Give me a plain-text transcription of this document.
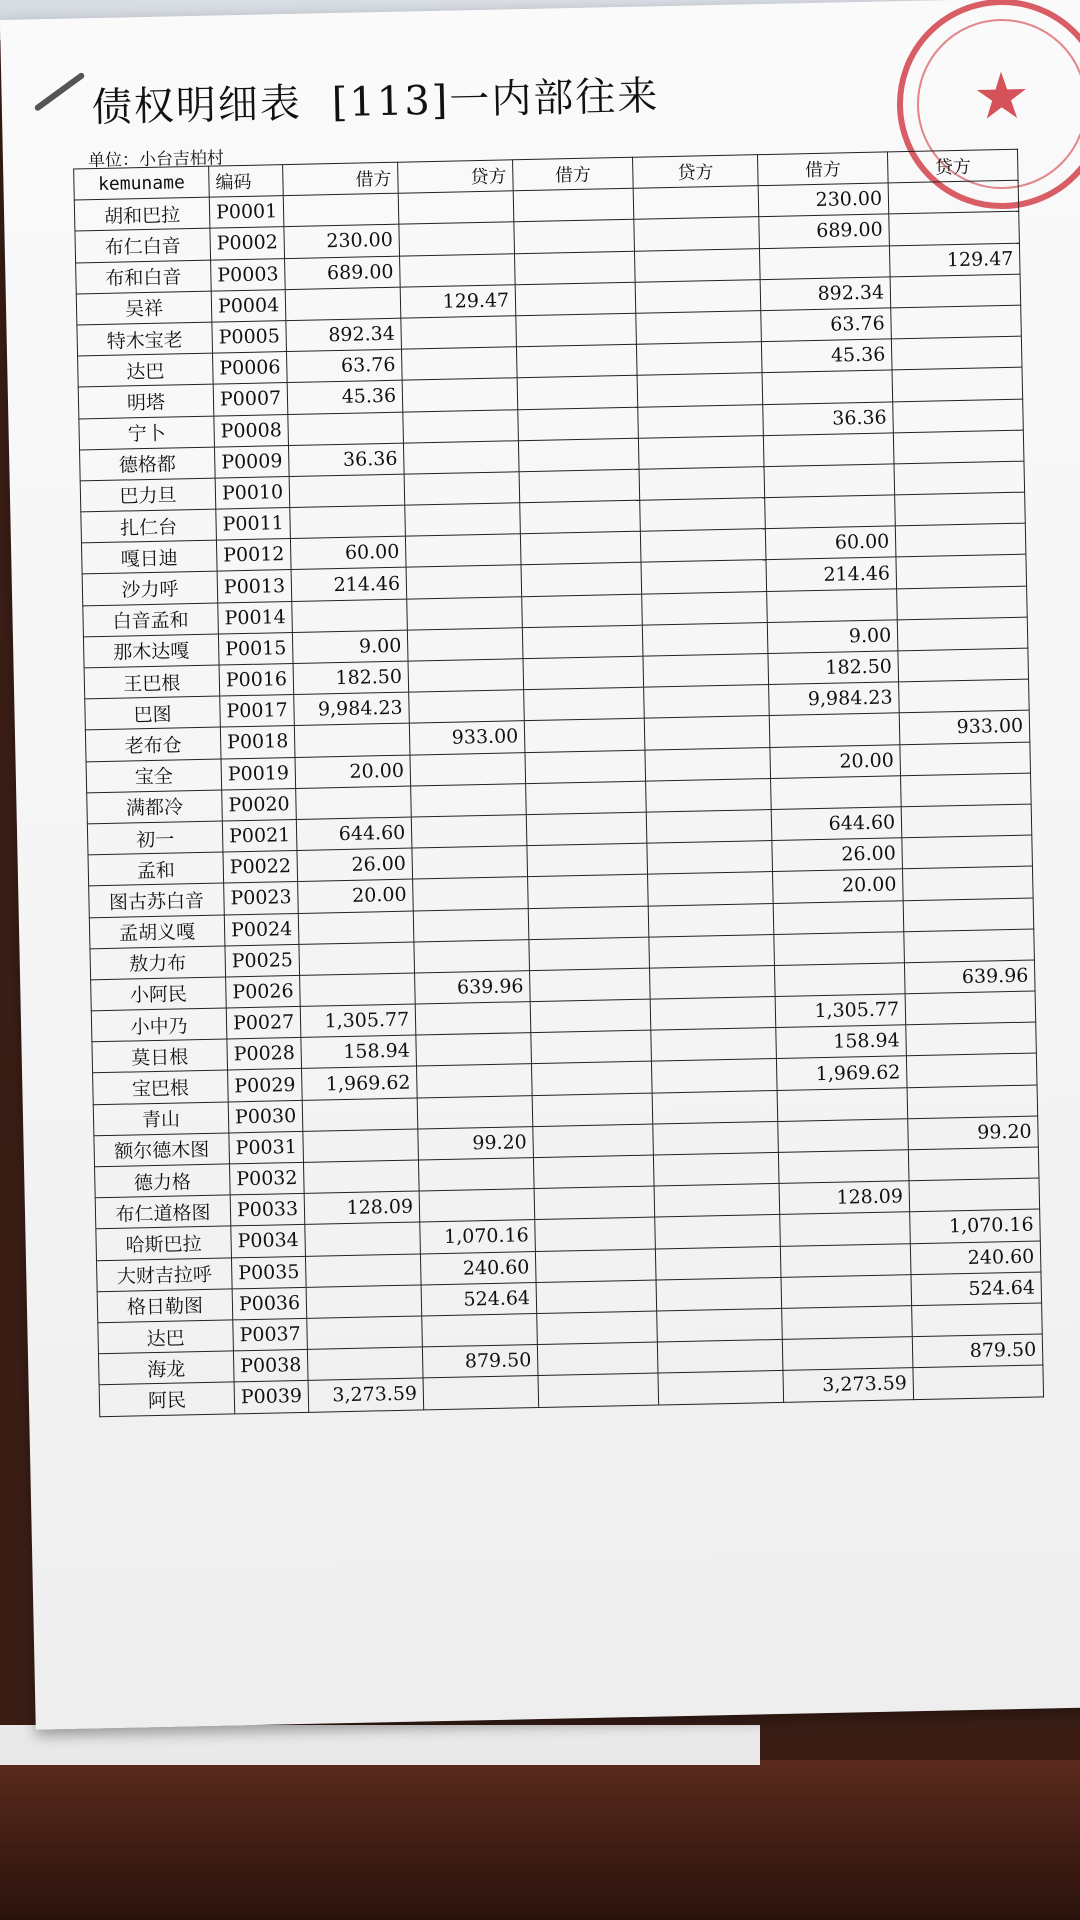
债权明细表 [113]一内部往来
单位：小台吉柏村
★
kemuname	编码	借方	贷方	借方	贷方	借方	贷方
胡和巴拉	P0001					230.00	
布仁白音	P0002	230.00				689.00	
布和白音	P0003	689.00					129.47
吴祥	P0004		129.47			892.34	
特木宝老	P0005	892.34				63.76	
达巴	P0006	63.76				45.36	
明塔	P0007	45.36					
宁卜	P0008					36.36	
德格都	P0009	36.36					
巴力旦	P0010						
扎仁台	P0011						
嘎日迪	P0012	60.00				60.00	
沙力呼	P0013	214.46				214.46	
白音孟和	P0014						
那木达嘎	P0015	9.00				9.00	
王巴根	P0016	182.50				182.50	
巴图	P0017	9,984.23				9,984.23	
老布仓	P0018		933.00				933.00
宝全	P0019	20.00				20.00	
满都冷	P0020						
初一	P0021	644.60				644.60	
孟和	P0022	26.00				26.00	
图古苏白音	P0023	20.00				20.00	
孟胡义嘎	P0024						
敖力布	P0025						
小阿民	P0026		639.96				639.96
小中乃	P0027	1,305.77				1,305.77	
莫日根	P0028	158.94				158.94	
宝巴根	P0029	1,969.62				1,969.62	
青山	P0030						
额尔德木图	P0031		99.20				99.20
德力格	P0032						
布仁道格图	P0033	128.09				128.09	
哈斯巴拉	P0034		1,070.16				1,070.16
大财吉拉呼	P0035		240.60				240.60
格日勒图	P0036		524.64				524.64
达巴	P0037						
海龙	P0038		879.50				879.50
阿民	P0039	3,273.59				3,273.59	
